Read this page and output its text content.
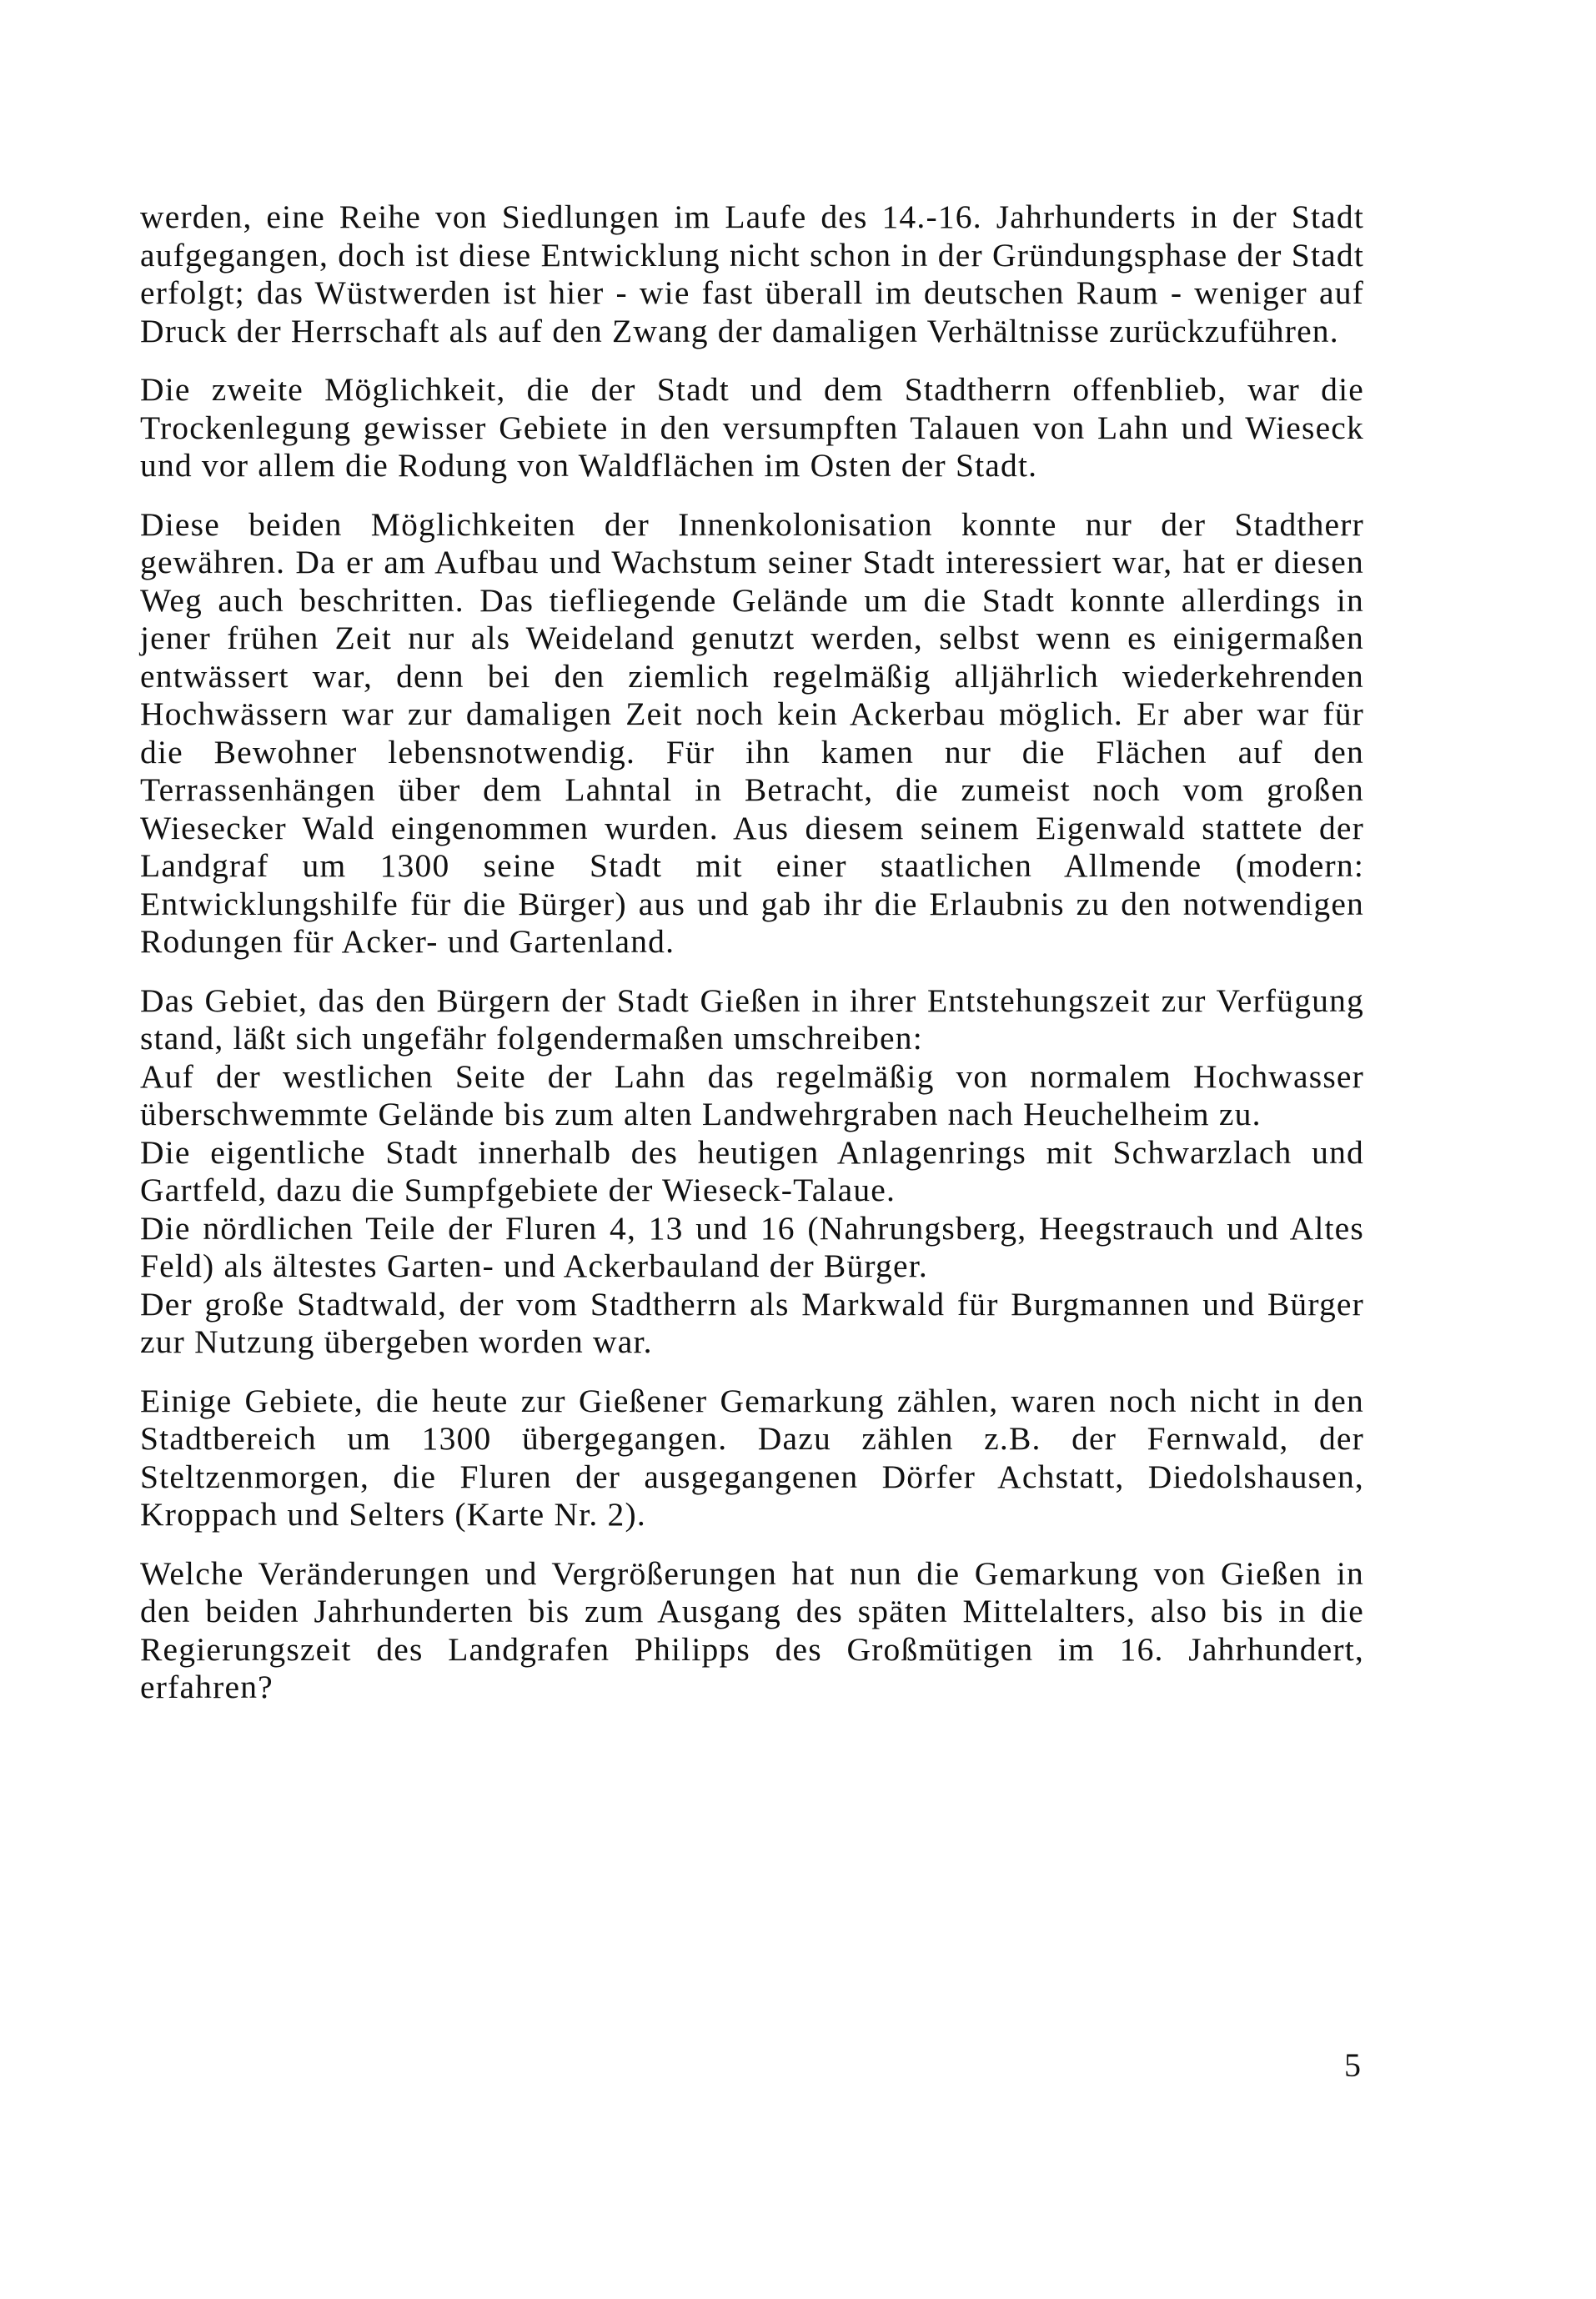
werden, eine Reihe von Siedlungen im Laufe des 14.-16. Jahrhunderts in der Stadt aufgegangen, doch ist diese Entwicklung nicht schon in der Gründungsphase der Stadt erfolgt; das Wüstwerden ist hier - wie fast überall im deutschen Raum - weniger auf Druck der Herrschaft als auf den Zwang der damaligen Verhältnisse zurückzuführen.

Die zweite Möglichkeit, die der Stadt und dem Stadtherrn offenblieb, war die Trockenlegung gewisser Gebiete in den versumpften Talauen von Lahn und Wieseck und vor allem die Rodung von Waldflächen im Osten der Stadt.

Diese beiden Möglichkeiten der Innenkolonisation konnte nur der Stadtherr gewähren. Da er am Aufbau und Wachstum seiner Stadt interessiert war, hat er diesen Weg auch beschritten. Das tiefliegende Gelände um die Stadt konnte allerdings in jener frühen Zeit nur als Weideland genutzt werden, selbst wenn es einigermaßen entwässert war, denn bei den ziemlich regelmäßig alljährlich wiederkehrenden Hochwässern war zur damaligen Zeit noch kein Ackerbau möglich. Er aber war für die Bewohner lebensnotwendig. Für ihn kamen nur die Flächen auf den Terrassenhängen über dem Lahntal in Betracht, die zumeist noch vom großen Wiesecker Wald eingenommen wurden. Aus diesem seinem Eigenwald stattete der Landgraf um 1300 seine Stadt mit einer staatlichen Allmende (modern: Entwicklungshilfe für die Bürger) aus und gab ihr die Erlaubnis zu den notwendigen Rodungen für Acker- und Gartenland.

Das Gebiet, das den Bürgern der Stadt Gießen in ihrer Entstehungszeit zur Verfügung stand, läßt sich ungefähr folgendermaßen umschreiben:

Auf der westlichen Seite der Lahn das regelmäßig von normalem Hochwasser überschwemmte Gelände bis zum alten Landwehrgraben nach Heuchelheim zu.

Die eigentliche Stadt innerhalb des heutigen Anlagenrings mit Schwarzlach und Gartfeld, dazu die Sumpfgebiete der Wieseck-Talaue.

Die nördlichen Teile der Fluren 4, 13 und 16 (Nahrungsberg, Heegstrauch und Altes Feld) als ältestes Garten- und Ackerbauland der Bürger.

Der große Stadtwald, der vom Stadtherrn als Markwald für Burgmannen und Bürger zur Nutzung übergeben worden war.

Einige Gebiete, die heute zur Gießener Gemarkung zählen, waren noch nicht in den Stadtbereich um 1300 übergegangen. Dazu zählen z.B. der Fernwald, der Steltzenmorgen, die Fluren der ausgegangenen Dörfer Achstatt, Diedolshausen, Kroppach und Selters (Karte Nr. 2).

Welche Veränderungen und Vergrößerungen hat nun die Gemarkung von Gießen in den beiden Jahrhunderten bis zum Ausgang des späten Mittelalters, also bis in die Regierungszeit des Landgrafen Philipps des Großmütigen im 16. Jahrhundert, erfahren?

5
